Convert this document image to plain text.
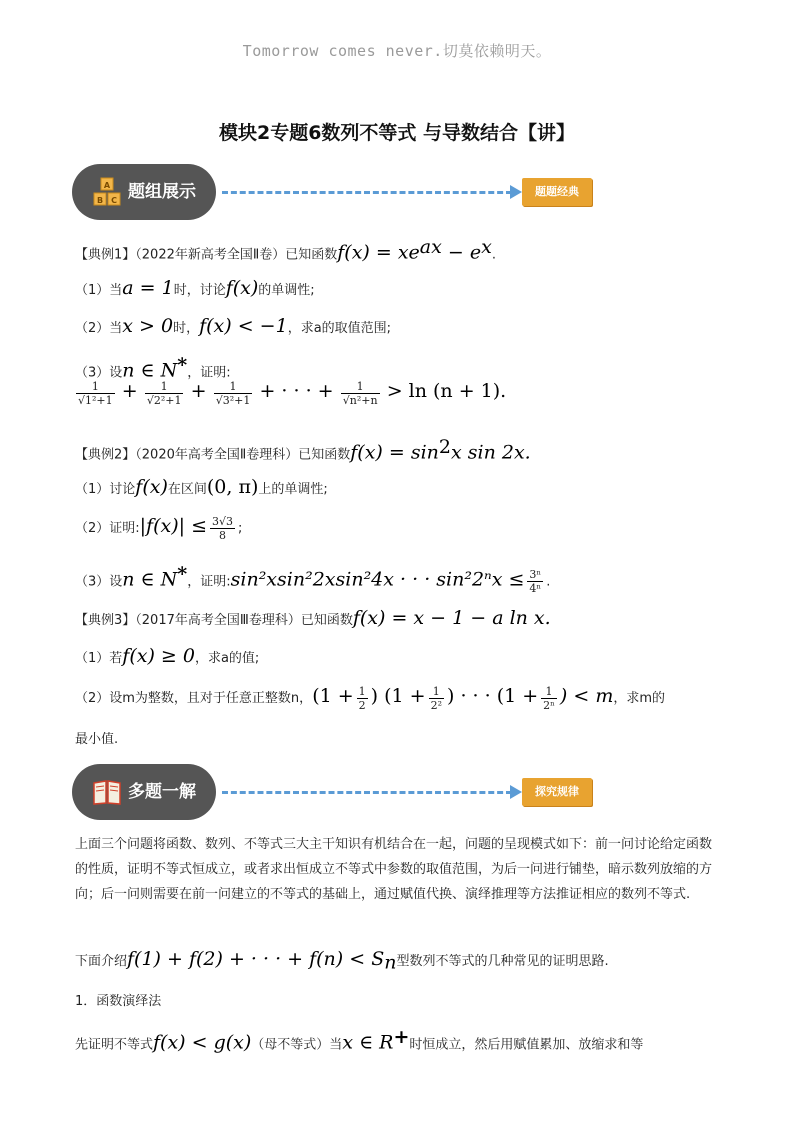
Tomorrow comes never.切莫依赖明天。
模块2专题6数列不等式 与导数结合【讲】
A
B C 题组展示	题题经典
【典例1】（2022年新高考全国Ⅱ卷）已知函数$f(x) = xe^{ax} - e^x$.
（1）当a = 1时，讨论f(x)的单调性;
（2）当x > 0时，f(x) < −1，求a的取值范围;
（3）设n ∈ N*，证明:
$\frac{1}{\text{√1²+1}} + \frac{1}{\text{√2²+1}} + \frac{1}{\text{√3²+1}}$ + · · · + $\frac{1}{\text{√n²+n}} > \ln (n + 1)$.
【典例2】（2020年高考全国Ⅱ卷理科）已知函数$f(x) = \sin^2x$ sin 2x.
（1）讨论f(x)在区间(0, π)上的单调性;
（2）证明:|f(x)| ≤ $\frac{3√3}{8}$ ;
（3）设n ∈ N*，证明:sin²xsin²2xsin²4x · · · $\sin^22^nx \le \frac{\text{3ⁿ}}{\text{4ⁿ}}$ .
【典例3】（2017年高考全国Ⅲ卷理科）已知函数f(x) = x − 1 − a ln x.
（1）若f(x) ≥ 0，求a的值;
（2）设m为整数，且对于任意正整数n，($1 + \frac{1}{2}$ ) ($1 + \frac{1}{\text{2²}}$ ) · · · ($1 + \frac{1}{\text{2ⁿ}}$ ) < m，求m的
最小值.
多题一解	探究规律
上面三个问题将函数、数列、不等式三大主干知识有机结合在一起，问题的呈现模式如下：前一问讨论给定函数的性质，证明不等式恒成立，或者求出恒成立不等式中参数的取值范围，为后一问进行铺垫，暗示数列放缩的方向；后一问则需要在前一问建立的不等式的基础上，通过赋值代换、演绎推理等方法推证相应的数列不等式.
下面介绍f(1) + f(2) + · · · + $f(n) < S_n$型数列不等式的几种常见的证明思路.
1．函数演绎法
先证明不等式f(x) < g(x)（母不等式）当x ∈ R+时恒成立，然后用赋值累加、放缩求和等
